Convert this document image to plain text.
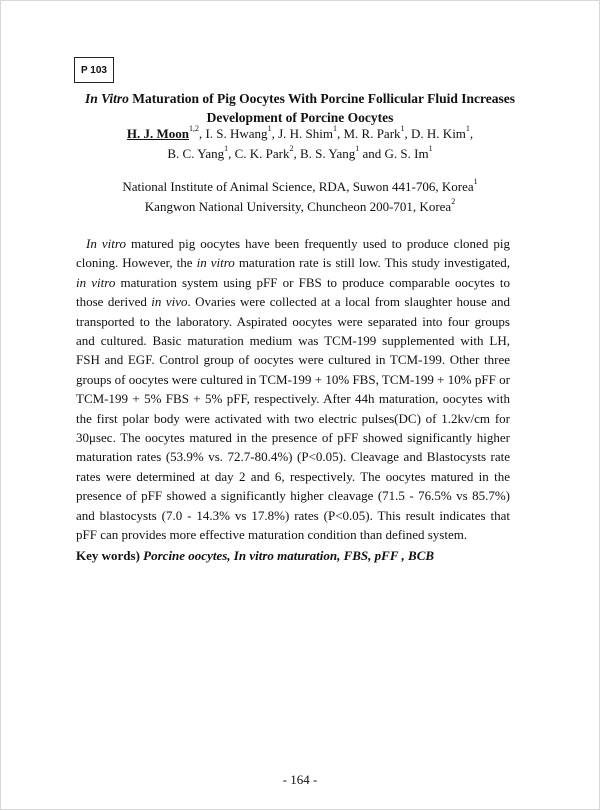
P 103
In Vitro Maturation of Pig Oocytes With Porcine Follicular Fluid Increases
Development of Porcine Oocytes
H. J. Moon$^{1,2}$, I. S. Hwang$^1$, J. H. Shim$^1$, M. R. Park$^1$, D. H. Kim$^1$,
B. C. Yang$^1$, C. K. Park$^2$, B. S. Yang$^1$ and G. S. Im$^1$
National Institute of Animal Science, RDA, Suwon 441-706, Korea$^1$
Kangwon National University, Chuncheon 200-701, Korea$^2$
In vitro matured pig oocytes have been frequently used to produce cloned pig cloning. However, the in vitro maturation rate is still low. This study investigated, in vitro maturation system using pFF or FBS to produce comparable oocytes to those derived in vivo. Ovaries were collected at a local from slaughter house and transported to the laboratory. Aspirated oocytes were separated into four groups and cultured. Basic maturation medium was TCM-199 supplemented with LH, FSH and EGF. Control group of oocytes were cultured in TCM-199. Other three groups of oocytes were cultured in TCM-199 + 10% FBS, TCM-199 + 10% pFF or TCM-199 + 5% FBS + 5% pFF, respectively. After 44h maturation, oocytes with the first polar body were activated with two electric pulses(DC) of 1.2kv/cm for 30μsec. The oocytes matured in the presence of pFF showed significantly higher maturation rates (53.9% vs. 72.7-80.4%) (P<0.05). Cleavage and Blastocysts rate rates were determined at day 2 and 6, respectively. The oocytes matured in the presence of pFF showed a significantly higher cleavage (71.5 - 76.5% vs 85.7%) and blastocysts (7.0 - 14.3% vs 17.8%) rates (P<0.05). This result indicates that pFF can provides more effective maturation condition than defined system.
Key words) Porcine oocytes, In vitro maturation, FBS, pFF , BCB
- 164 -
